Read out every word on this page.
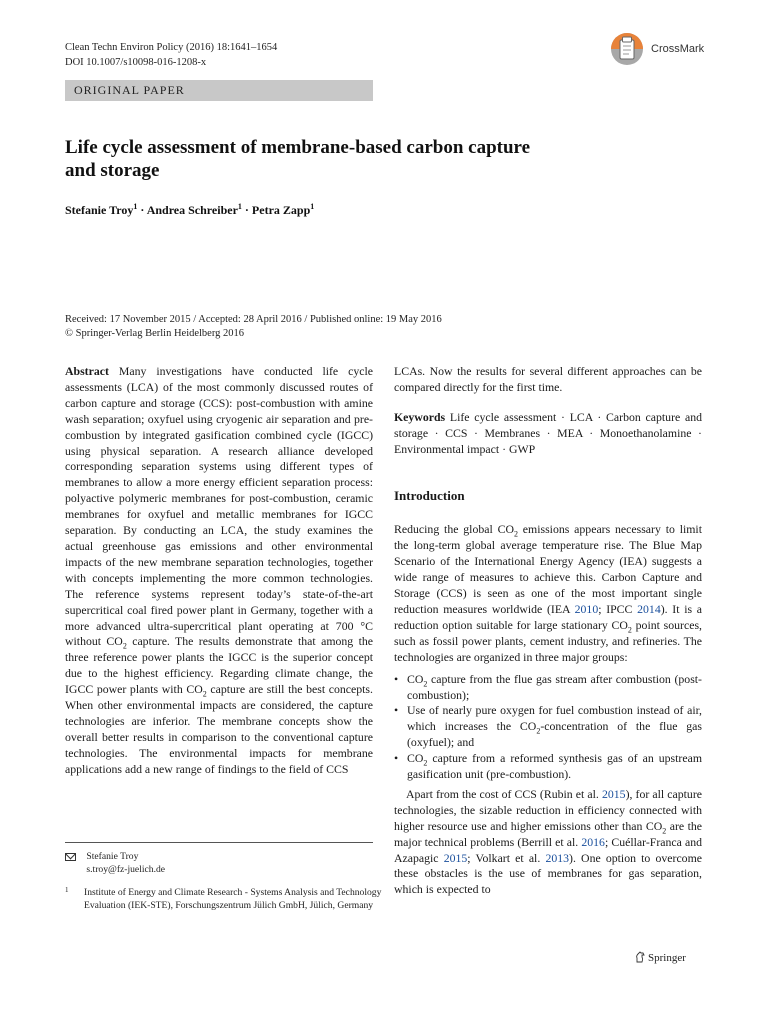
Clean Techn Environ Policy (2016) 18:1641–1654
DOI 10.1007/s10098-016-1208-x
CrossMark
ORIGINAL PAPER
Life cycle assessment of membrane-based carbon capture
and storage
Stefanie Troy$^1$ · Andrea Schreiber$^1$ · Petra Zapp$^1$
Received: 17 November 2015 / Accepted: 28 April 2016 / Published online: 19 May 2016
© Springer-Verlag Berlin Heidelberg 2016

Abstract Many investigations have conducted life cycle assessments (LCA) of the most commonly discussed routes of carbon capture and storage (CCS): post-combustion with amine wash separation; oxyfuel using cryogenic air separation and pre-combustion by integrated gasification combined cycle (IGCC) using physical separation. A research alliance developed corresponding separation systems using different types of membranes to allow a more energy efficient separation process: polyactive polymeric membranes for post-combustion, ceramic membranes for oxyfuel and metallic membranes for IGCC separation. By conducting an LCA, the study examines the actual greenhouse gas emissions and other environmental impacts of the new membrane separation technologies, together with concepts implementing the more common technologies. The reference systems represent today’s state-of-the-art supercritical coal fired power plant in Germany, together with a more advanced ultra-supercritical plant operating at 700 °C without $CO_2$ capture. The results demonstrate that among the three reference power plants the IGCC is the superior concept due to the highest efficiency. Regarding climate change, the IGCC power plants with $CO_2$ capture are still the best concepts. When other environmental impacts are considered, the capture technologies are inferior. The membrane concepts show the overall better results in comparison to the conventional capture technologies. The environmental impacts for membrane applications add a new range of findings to the field of CCS

LCAs. Now the results for several different approaches can be compared directly for the first time.

Keywords Life cycle assessment · LCA · Carbon capture and storage · CCS · Membranes · MEA · Monoethanolamine · Environmental impact · GWP

Introduction

Reducing the global $CO_2$ emissions appears necessary to limit the long-term global average temperature rise. The Blue Map Scenario of the International Energy Agency (IEA) suggests a wide range of measures to achieve this. Carbon Capture and Storage (CCS) is seen as one of the most important single reduction measures worldwide (IEA 2010; IPCC 2014). It is a reduction option suitable for large stationary $CO_2$ point sources, such as fossil power plants, cement industry, and refineries. The technologies are organized in three major groups:

• $CO_2$ capture from the flue gas stream after combustion (post-combustion);
• Use of nearly pure oxygen for fuel combustion instead of air, which increases the $CO_2$-concentration of the flue gas (oxyfuel); and
• $CO_2$ capture from a reformed synthesis gas of an upstream gasification unit (pre-combustion).

Apart from the cost of CCS (Rubin et al. 2015), for all capture technologies, the sizable reduction in efficiency connected with higher resource use and higher emissions other than $CO_2$ are the major technical problems (Berrill et al. 2016; Cuéllar-Franca and Azapagic 2015; Volkart et al. 2013). One option to overcome these obstacles is the use of membranes for gas separation, which is expected to

Stefanie Troy
s.troy@fz-juelich.de
1	Institute of Energy and Climate Research - Systems Analysis and Technology Evaluation (IEK-STE), Forschungszentrum Jülich GmbH, Jülich, Germany
Springer
